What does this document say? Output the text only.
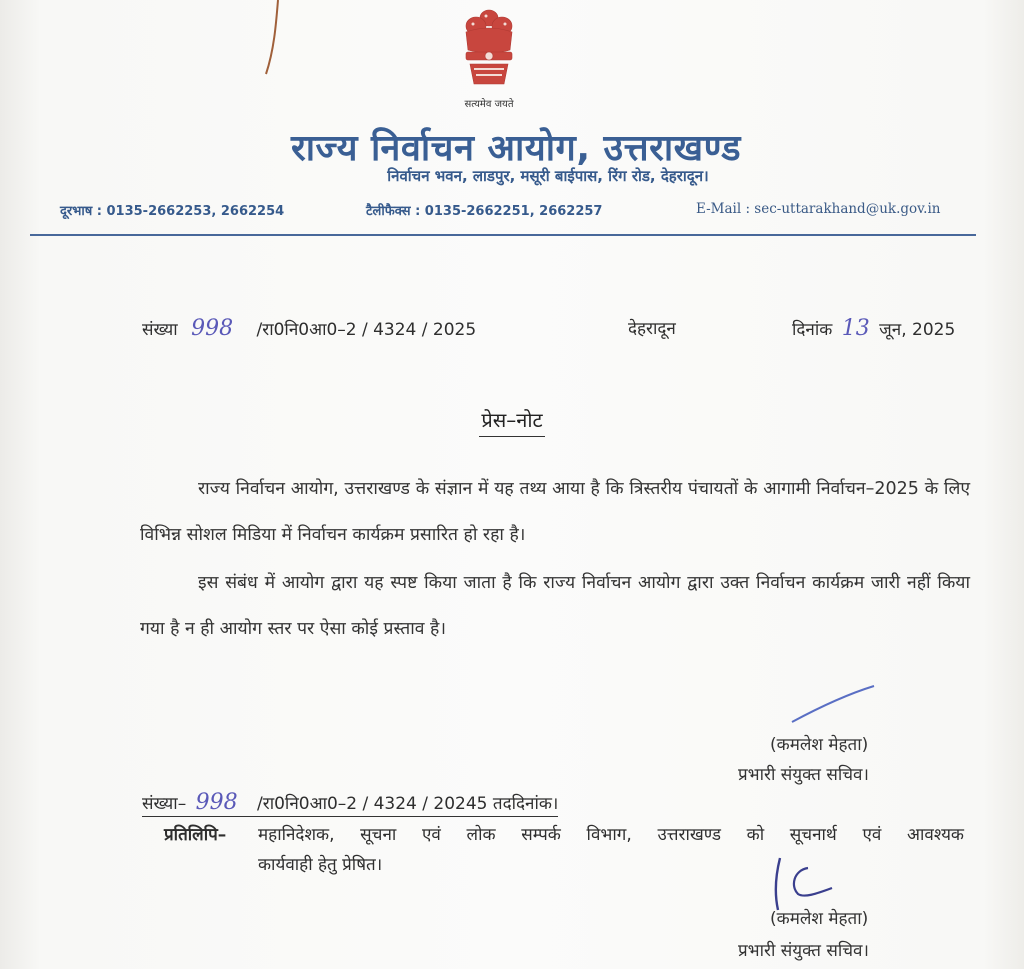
सत्यमेव जयते
राज्य निर्वाचन आयोग, उत्तराखण्ड
निर्वाचन भवन, लाडपुर, मसूरी बाईपास, रिंग रोड, देहरादून।
दूरभाष : 0135-2662253, 2662254	टैलीफैक्स : 0135-2662251, 2662257	E-Mail : sec-uttarakhand@uk.gov.in
संख्या 998 /रा0नि0आ0–2 / 4324 / 2025	देहरादून	दिनांक 13 जून, 2025
प्रेस–नोट
राज्य निर्वाचन आयोग, उत्तराखण्ड के संज्ञान में यह तथ्य आया है कि त्रिस्तरीय पंचायतों के आगामी निर्वाचन–2025 के लिए विभिन्न सोशल मिडिया में निर्वाचन कार्यक्रम प्रसारित हो रहा है।
इस संबंध में आयोग द्वारा यह स्पष्ट किया जाता है कि राज्य निर्वाचन आयोग द्वारा उक्त निर्वाचन कार्यक्रम जारी नहीं किया गया है न ही आयोग स्तर पर ऐसा कोई प्रस्ताव है।
(कमलेश मेहता)
प्रभारी संयुक्त सचिव।
संख्या– 998 /रा0नि0आ0–2 / 4324 / 20245 तददिनांक।
प्रतिलिपि– महानिदेशक, सूचना एवं लोक सम्पर्क विभाग, उत्तराखण्ड को सूचनार्थ एवं आवश्यक
कार्यवाही हेतु प्रेषित।
(कमलेश मेहता)
प्रभारी संयुक्त सचिव।
